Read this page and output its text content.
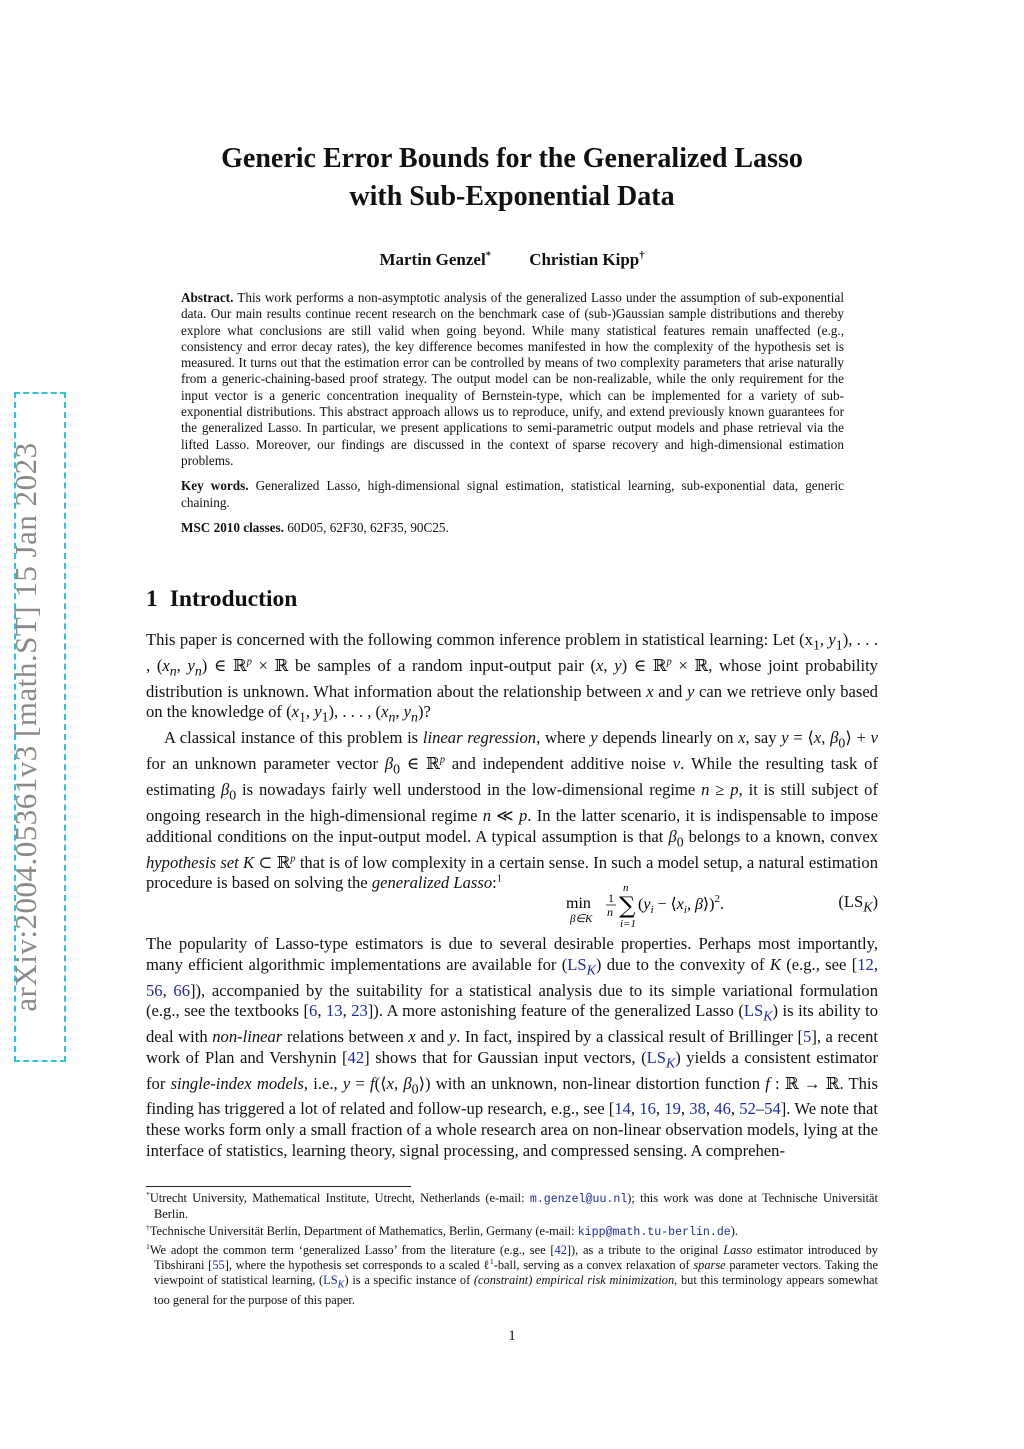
arXiv:2004.05361v3 [math.ST] 15 Jan 2023
Generic Error Bounds for the Generalized Lasso
with Sub-Exponential Data
Martin Genzel* Christian Kipp†

Abstract. This work performs a non-asymptotic analysis of the generalized Lasso under the assumption of sub-exponential data. Our main results continue recent research on the benchmark case of (sub-)Gaussian sample distributions and thereby explore what conclusions are still valid when going beyond. While many statistical features remain unaffected (e.g., consistency and error decay rates), the key difference becomes manifested in how the complexity of the hypothesis set is measured. It turns out that the estimation error can be controlled by means of two complexity parameters that arise naturally from a generic-chaining-based proof strategy. The output model can be non-realizable, while the only requirement for the input vector is a generic concentration inequality of Bernstein-type, which can be implemented for a variety of sub-exponential distributions. This abstract approach allows us to reproduce, unify, and extend previously known guarantees for the generalized Lasso. In particular, we present applications to semi-parametric output models and phase retrieval via the lifted Lasso. Moreover, our findings are discussed in the context of sparse recovery and high-dimensional estimation problems.

Key words. Generalized Lasso, high-dimensional signal estimation, statistical learning, sub-exponential data, generic chaining.

MSC 2010 classes. 60D05, 62F30, 62F35, 90C25.

1 Introduction

This paper is concerned with the following common inference problem in statistical learning: Let ($x_1$, $y_1$), . . . , ($x_n$, $y_n$) ∈ ℝ$^p$ × ℝ be samples of a random input-output pair (x, y) ∈ ℝ$^p$ × ℝ, whose joint probability distribution is unknown. What information about the relationship between x and y can we retrieve only based on the knowledge of ($x_1$, $y_1$), . . . , ($x_n$, $y_n$)?

A classical instance of this problem is linear regression, where y depends linearly on x, say y = ⟨x, $\beta_0⟩ + \nu$ for an unknown parameter vector $\beta_0$ ∈ ℝ$^p$ and independent additive noise ν. While the resulting task of estimating $\beta_0$ is nowadays fairly well understood in the low-dimensional regime n ≥ p, it is still subject of ongoing research in the high-dimensional regime n ≪ p. In the latter scenario, it is indispensable to impose additional conditions on the input-output model. A typical assumption is that $\beta_0$ belongs to a known, convex hypothesis set K ⊂ ℝ$^p$ that is of low complexity in a certain sense. In such a model setup, a natural estimation procedure is based on solving the generalized Lasso:$^1$

min
β∈K
1
n
n
∑
i=1
($y_i$ − $⟨x_i$, β⟩)$^2$.	$(LS_K)$

The popularity of Lasso-type estimators is due to several desirable properties. Perhaps most importantly, many efficient algorithmic implementations are available for $(LS_K)$ due to the convexity of K (e.g., see [12, 56, 66]), accompanied by the suitability for a statistical analysis due to its simple variational formulation (e.g., see the textbooks [6, 13, 23]). A more astonishing feature of the generalized Lasso $(LS_K)$ is its ability to deal with non-linear relations between x and y. In fact, inspired by a classical result of Brillinger [5], a recent work of Plan and Vershynin [42] shows that for Gaussian input vectors, $(LS_K)$ yields a consistent estimator for single-index models, i.e., y = f(⟨x, $\beta_0⟩$) with an unknown, non-linear distortion function f : ℝ → ℝ. This finding has triggered a lot of related and follow-up research, e.g., see [14, 16, 19, 38, 46, 52–54]. We note that these works form only a small fraction of a whole research area on non-linear observation models, lying at the interface of statistics, learning theory, signal processing, and compressed sensing. A comprehen-

*Utrecht University, Mathematical Institute, Utrecht, Netherlands (e-mail: m.genzel@uu.nl); this work was done at Technische Universität Berlin.

†Technische Universität Berlin, Department of Mathematics, Berlin, Germany (e-mail: kipp@math.tu-berlin.de).

$^1$We adopt the common term ‘generalized Lasso’ from the literature (e.g., see [42]), as a tribute to the original Lasso estimator introduced by Tibshirani [55], where the hypothesis set corresponds to a scaled ℓ$^1$-ball, serving as a convex relaxation of sparse parameter vectors. Taking the viewpoint of statistical learning, $(LS_K)$ is a specific instance of (constraint) empirical risk minimization, but this terminology appears somewhat too general for the purpose of this paper.

1
